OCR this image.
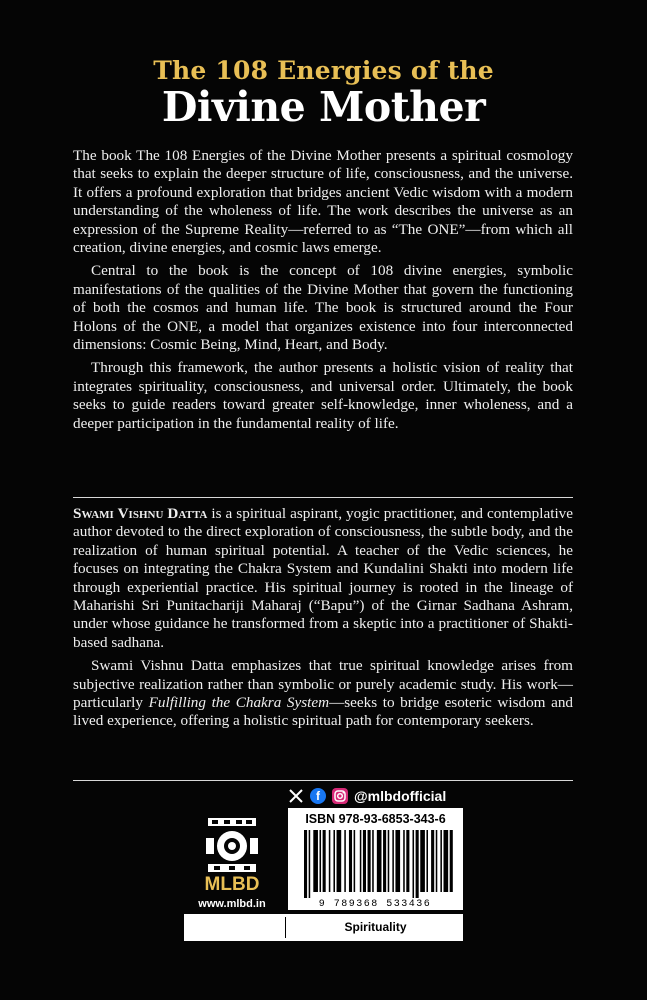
The 108 Energies of the
Divine Mother

The book The 108 Energies of the Divine Mother presents a spiritual cosmology that seeks to explain the deeper structure of life, consciousness, and the universe. It offers a profound exploration that bridges ancient Vedic wisdom with a modern understanding of the wholeness of life. The work describes the universe as an expression of the Supreme Reality—referred to as “The ONE”—from which all creation, divine energies, and cosmic laws emerge.

Central to the book is the concept of 108 divine energies, symbolic manifestations of the qualities of the Divine Mother that govern the functioning of both the cosmos and human life. The book is structured around the Four Holons of the ONE, a model that organizes existence into four interconnected dimensions: Cosmic Being, Mind, Heart, and Body.

Through this framework, the author presents a holistic vision of reality that integrates spirituality, consciousness, and universal order. Ultimately, the book seeks to guide readers toward greater self-knowledge, inner wholeness, and a deeper participation in the fundamental reality of life.

Swami Vishnu Datta is a spiritual aspirant, yogic practitioner, and contemplative author devoted to the direct exploration of consciousness, the subtle body, and the realization of human spiritual potential. A teacher of the Vedic sciences, he focuses on integrating the Chakra System and Kundalini Shakti into modern life through experiential practice. His spiritual journey is rooted in the lineage of Maharishi Sri Punitachariji Maharaj (“Bapu”) of the Girnar Sadhana Ashram, under whose guidance he transformed from a skeptic into a practitioner of Shakti-based sadhana.

Swami Vishnu Datta emphasizes that true spiritual knowledge arises from subjective realization rather than symbolic or purely academic study. His work—particularly Fulfilling the Chakra System—seeks to bridge esoteric wisdom and lived experience, offering a holistic spiritual path for contemporary seekers.

f	@mlbdofficial
MLBD
www.mlbd.in
ISBN 978-93-6853-343-6
9 789368 533436
Spirituality
